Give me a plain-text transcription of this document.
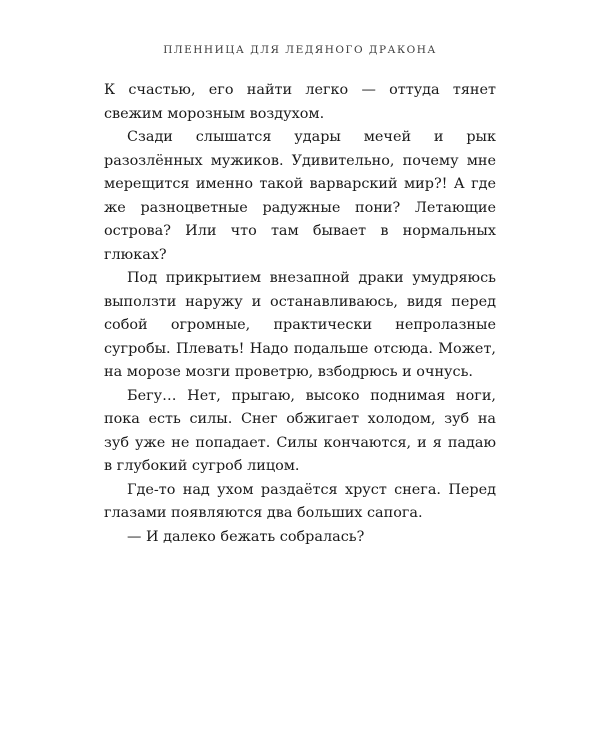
ПЛЕННИЦА ДЛЯ ЛЕДЯНОГО ДРАКОНА

К счастью, его найти легко — оттуда тянет свежим морозным воздухом.

Сзади слышатся удары мечей и рык разозлённых мужиков. Удивительно, почему мне мерещится именно такой варварский мир?! А где же разноцветные радужные пони? Летающие острова? Или что там бывает в нормальных глюках?

Под прикрытием внезапной драки умудряюсь выползти наружу и останавливаюсь, видя перед собой огромные, практически непролазные сугробы. Плевать! Надо подальше отсюда. Может, на морозе мозги проветрю, взбодрюсь и очнусь.

Бегу… Нет, прыгаю, высоко поднимая ноги, пока есть силы. Снег обжигает холодом, зуб на зуб уже не попадает. Силы кончаются, и я падаю в глубокий сугроб лицом.

Где-то над ухом раздаётся хруст снега. Перед глазами появляются два больших сапога.

— И далеко бежать собралась?
